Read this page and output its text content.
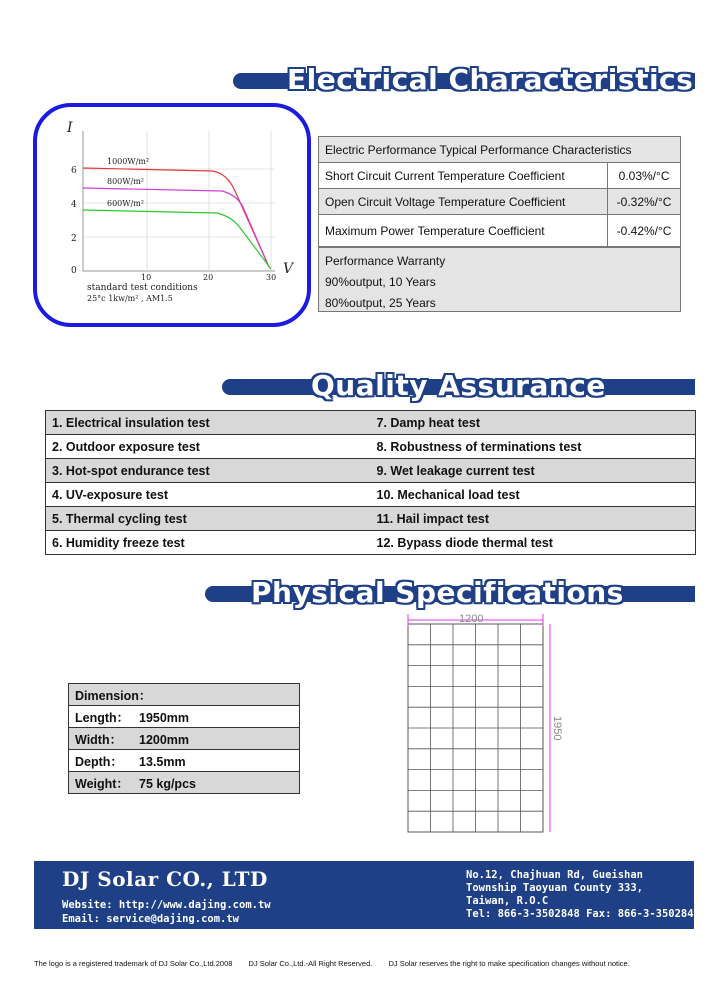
Electrical Characteristics
I
V
6
4
2
0
10	20	30
1000W/m²
800W/m²
600W/m²
standard test conditions
25°c 1kw/m² , AM1.5
Electric Performance Typical Performance Characteristics	
Short Circuit Current Temperature Coefficient	0.03%/°C
Open Circuit Voltage Temperature Coefficient	-0.32%/°C
Maximum Power Temperature Coefficient	-0.42%/°C
Performance Warranty
90%output, 10 Years
80%output, 25 Years
Quality Assurance
1. Electrical insulation test	7. Damp heat test
2. Outdoor exposure test	8. Robustness of terminations test
3. Hot-spot endurance test	9. Wet leakage current test
4. UV-exposure test	10. Mechanical load test
5. Thermal cycling test	11. Hail impact test
6. Humidity freeze test	12. Bypass diode thermal test
Physical Specifications
Dimension：
Length： 1950mm
Width： 1200mm
Depth： 13.5mm
Weight： 75 kg/pcs
1200
1950
DJ Solar CO., LTD
Website: http://www.dajing.com.tw
Email: service@dajing.com.tw
No.12, Chajhuan Rd, Gueishan
Township Taoyuan County 333,
Taiwan, R.O.C
Tel: 866-3-3502848 Fax: 866-3-3502847
The logo is a registered trademark of DJ Solar Co.,Ltd.2008 DJ Solar Co.,Ltd.-All Right Reserved. DJ Solar reserves the right to make specification changes without notice.
